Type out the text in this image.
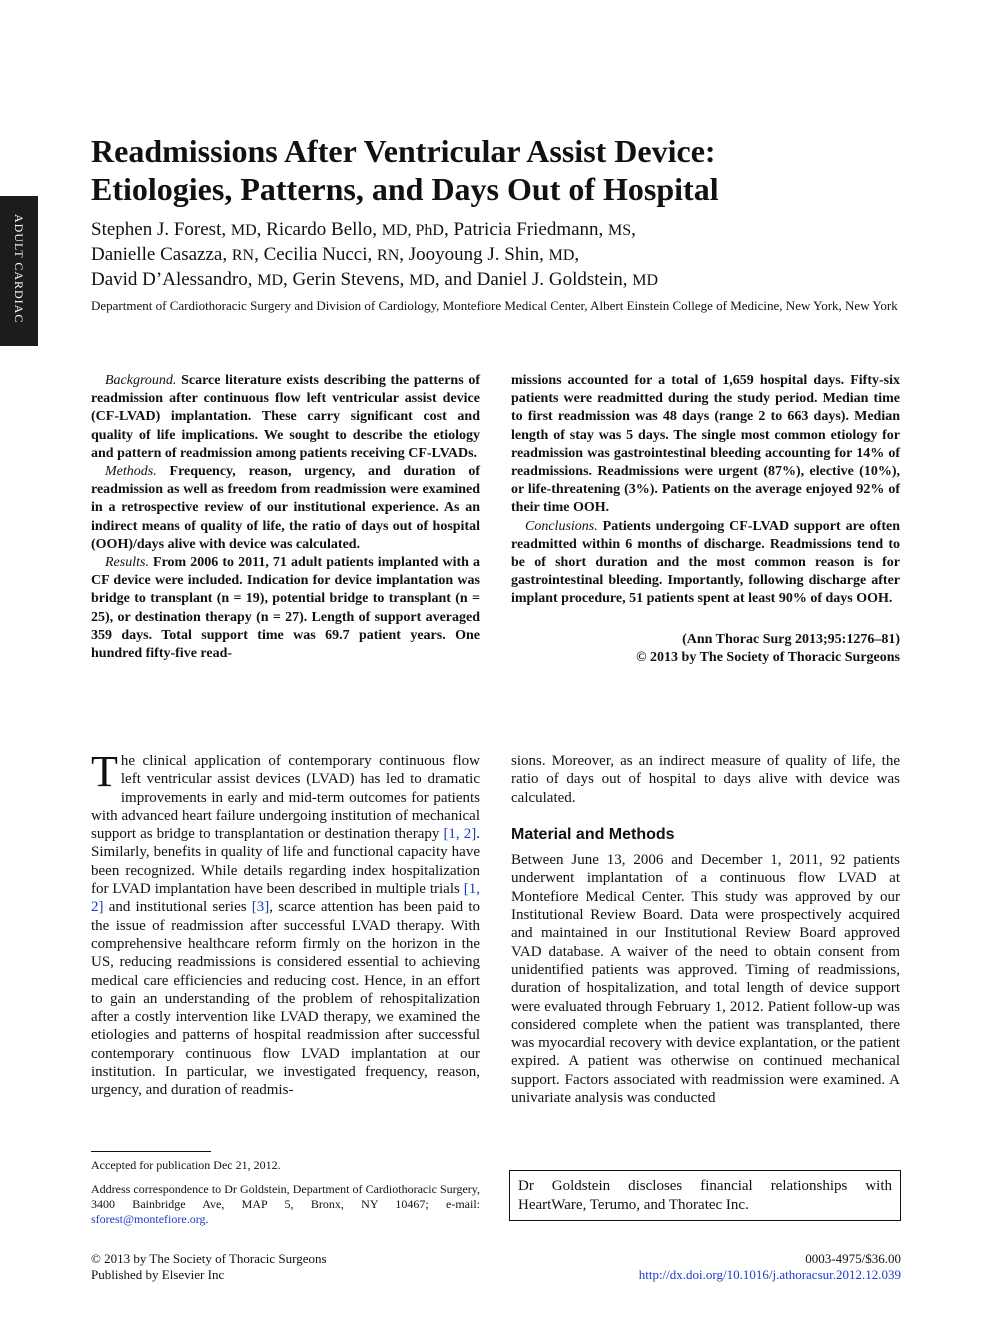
ADULT CARDIAC
Readmissions After Ventricular Assist Device:
Etiologies, Patterns, and Days Out of Hospital
Stephen J. Forest, MD, Ricardo Bello, MD, PhD, Patricia Friedmann, MS,
Danielle Casazza, RN, Cecilia Nucci, RN, Jooyoung J. Shin, MD,
David D’Alessandro, MD, Gerin Stevens, MD, and Daniel J. Goldstein, MD
Department of Cardiothoracic Surgery and Division of Cardiology, Montefiore Medical Center, Albert Einstein College of Medicine, New York, New York

Background. Scarce literature exists describing the patterns of readmission after continuous flow left ventricular assist device (CF-LVAD) implantation. These carry significant cost and quality of life implications. We sought to describe the etiology and pattern of readmission among patients receiving CF-LVADs.

Methods. Frequency, reason, urgency, and duration of readmission as well as freedom from readmission were examined in a retrospective review of our institutional experience. As an indirect means of quality of life, the ratio of days out of hospital (OOH)/days alive with device was calculated.

Results. From 2006 to 2011, 71 adult patients implanted with a CF device were included. Indication for device implantation was bridge to transplant (n = 19), potential bridge to transplant (n = 25), or destination therapy (n = 27). Length of support averaged 359 days. Total support time was 69.7 patient years. One hundred fifty-five read-

missions accounted for a total of 1,659 hospital days. Fifty-six patients were readmitted during the study period. Median time to first readmission was 48 days (range 2 to 663 days). Median length of stay was 5 days. The single most common etiology for readmission was gastrointestinal bleeding accounting for 14% of readmissions. Readmissions were urgent (87%), elective (10%), or life-threatening (3%). Patients on the average enjoyed 92% of their time OOH.

Conclusions. Patients undergoing CF-LVAD support are often readmitted within 6 months of discharge. Readmissions tend to be of short duration and the most common reason is for gastrointestinal bleeding. Importantly, following discharge after implant procedure, 51 patients spent at least 90% of days OOH.

(Ann Thorac Surg 2013;95:1276–81)
© 2013 by The Society of Thoracic Surgeons

The clinical application of contemporary continuous flow left ventricular assist devices (LVAD) has led to dramatic improvements in early and mid-term outcomes for patients with advanced heart failure undergoing institution of mechanical support as bridge to transplantation or destination therapy [1, 2]. Similarly, benefits in quality of life and functional capacity have been recognized. While details regarding index hospitalization for LVAD implantation have been described in multiple trials [1, 2] and institutional series [3], scarce attention has been paid to the issue of readmission after successful LVAD therapy. With comprehensive healthcare reform firmly on the horizon in the US, reducing readmissions is considered essential to achieving medical care efficiencies and reducing cost. Hence, in an effort to gain an understanding of the problem of rehospitalization after a costly intervention like LVAD therapy, we examined the etiologies and patterns of hospital readmission after successful contemporary continuous flow LVAD implantation at our institution. In particular, we investigated frequency, reason, urgency, and duration of readmis-

sions. Moreover, as an indirect measure of quality of life, the ratio of days out of hospital to days alive with device was calculated.

Material and Methods

Between June 13, 2006 and December 1, 2011, 92 patients underwent implantation of a continuous flow LVAD at Montefiore Medical Center. This study was approved by our Institutional Review Board. Data were prospectively acquired and maintained in our Institutional Review Board approved VAD database. A waiver of the need to obtain consent from unidentified patients was approved. Timing of readmissions, duration of hospitalization, and total length of device support were evaluated through February 1, 2012. Patient follow-up was considered complete when the patient was transplanted, there was myocardial recovery with device explantation, or the patient expired. A patient was otherwise on continued mechanical support. Factors associated with readmission were examined. A univariate analysis was conducted

Accepted for publication Dec 21, 2012.

Address correspondence to Dr Goldstein, Department of Cardiothoracic Surgery, 3400 Bainbridge Ave, MAP 5, Bronx, NY 10467; e-mail: sforest@montefiore.org.

Dr Goldstein discloses financial relationships with HeartWare, Terumo, and Thoratec Inc.
© 2013 by The Society of Thoracic Surgeons
Published by Elsevier Inc
0003-4975/$36.00
http://dx.doi.org/10.1016/j.athoracsur.2012.12.039
